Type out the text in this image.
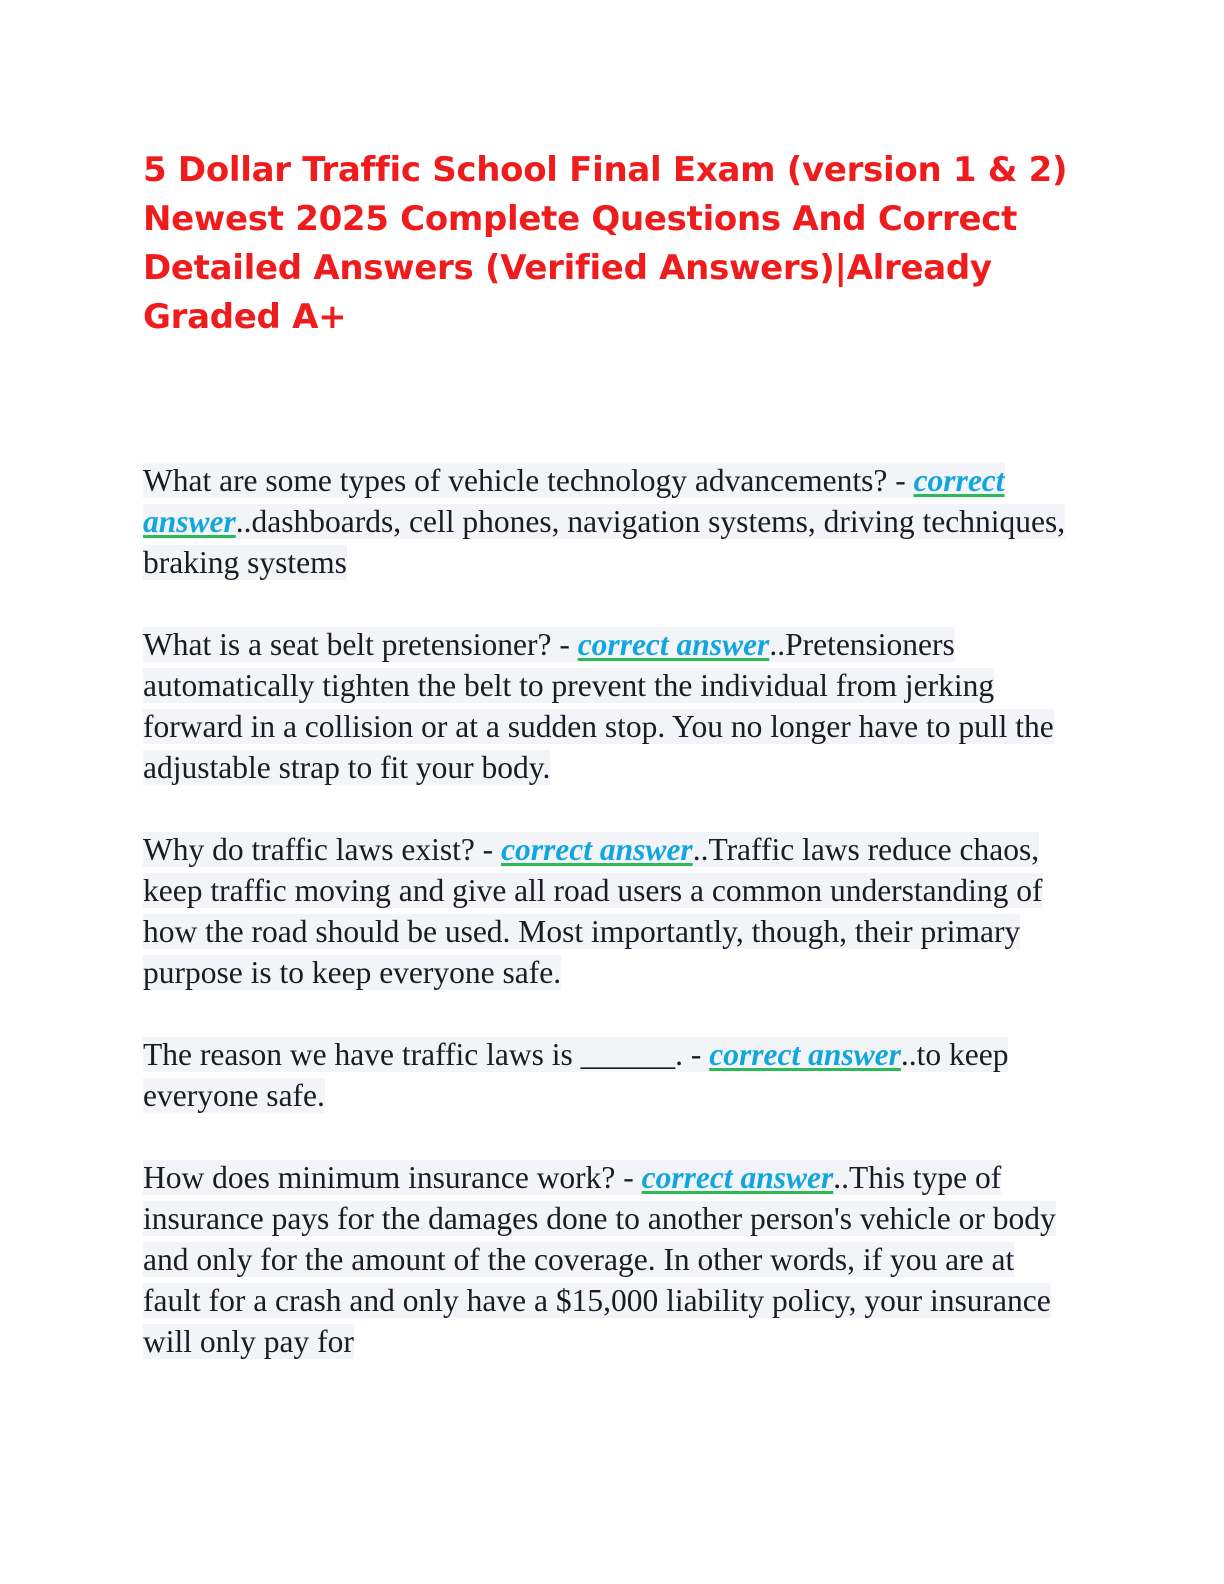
5 Dollar Traffic School Final Exam (version 1 & 2) Newest 2025 Complete Questions And Correct Detailed Answers (Verified Answers)|Already Graded A+

What are some types of vehicle technology advancements? - correct answer..dashboards, cell phones, navigation systems, driving techniques, braking systems

What is a seat belt pretensioner? - correct answer..Pretensioners automatically tighten the belt to prevent the individual from jerking forward in a collision or at a sudden stop. You no longer have to pull the adjustable strap to fit your body.

Why do traffic laws exist? - correct answer..Traffic laws reduce chaos, keep traffic moving and give all road users a common understanding of how the road should be used. Most importantly, though, their primary purpose is to keep everyone safe.

The reason we have traffic laws is ______. - correct answer..to keep everyone safe.

How does minimum insurance work? - correct answer..This type of insurance pays for the damages done to another person's vehicle or body and only for the amount of the coverage. In other words, if you are at fault for a crash and only have a $15,000 liability policy, your insurance will only pay for
